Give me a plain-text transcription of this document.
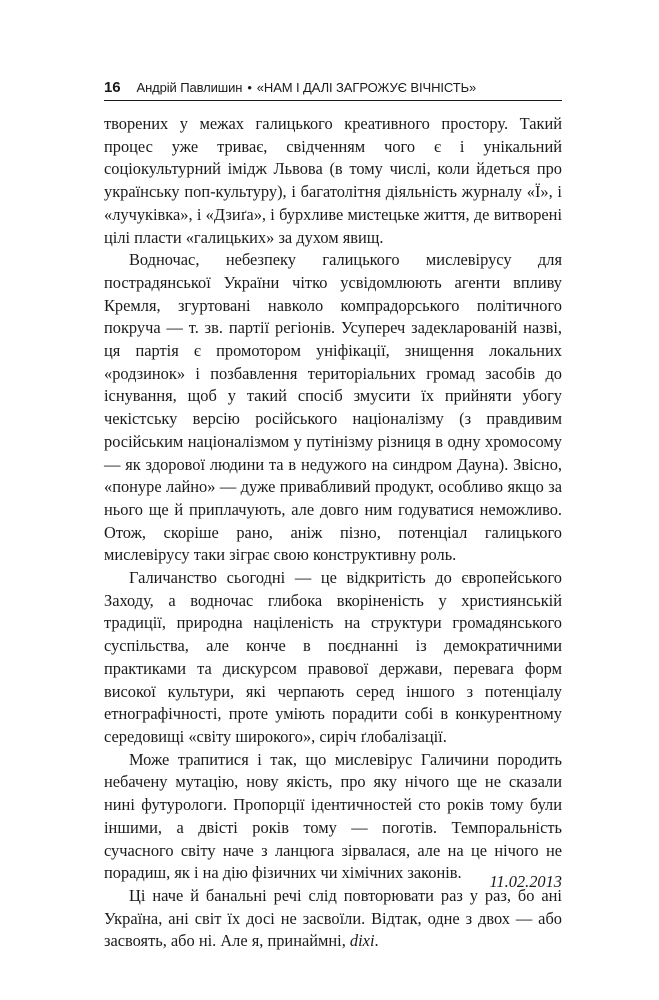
16 Андрій Павлишин • «НАМ І ДАЛІ ЗАГРОЖУЄ ВІЧНІСТЬ»

творених у межах галицького креативного простору. Такий процес уже триває, свідченням чого є і унікальний соціокультурний імідж Львова (в тому числі, коли йдеться про українську поп-культуру), і багатолітня діяльність журналу «Ї», і «лучуківка», і «Дзиґа», і бурхливе мистецьке життя, де витворені цілі пласти «галицьких» за духом явищ.

Водночас, небезпеку галицького мислевірусу для пострадянської України чітко усвідомлюють агенти впливу Кремля, згуртовані навколо компрадорського політичного покруча — т. зв. партії регіонів. Усупереч задекларованій назві, ця партія є промотором уніфікації, знищення локальних «родзинок» і позбавлення територіальних громад засобів до існування, щоб у такий спосіб змусити їх прийняти убогу чекістську версію російського націоналізму (з правдивим російським націоналізмом у путінізму різниця в одну хромосому — як здорової людини та в недужого на синдром Дауна). Звісно, «понуре лайно» — дуже привабливий продукт, особливо якщо за нього ще й приплачують, але довго ним годуватися неможливо. Отож, скоріше рано, аніж пізно, потенціал галицького мислевірусу таки зіграє свою конструктивну роль.

Галичанство сьогодні — це відкритість до європейського Заходу, а водночас глибока вкоріненість у християнській традиції, природна націленість на структури громадянського суспільства, але конче в поєднанні із демократичними практиками та дискурсом правової держави, перевага форм високої культури, які черпають серед іншого з потенціалу етнографічності, проте уміють порадити собі в конкурентному середовищі «світу широкого», сиріч ґлобалізації.

Може трапитися і так, що мислевірус Галичини породить небачену мутацію, нову якість, про яку нічого ще не сказали нині футурологи. Пропорції ідентичностей сто років тому були іншими, а двісті років тому — поготів. Темпоральність сучасного світу наче з ланцюга зірвалася, але на це нічого не порадиш, як і на дію фізичних чи хімічних законів.

Ці наче й банальні речі слід повторювати раз у раз, бо ані Україна, ані світ їх досі не засвоїли. Відтак, одне з двох — або засвоять, або ні. Але я, принаймні, dixi.

11.02.2013
